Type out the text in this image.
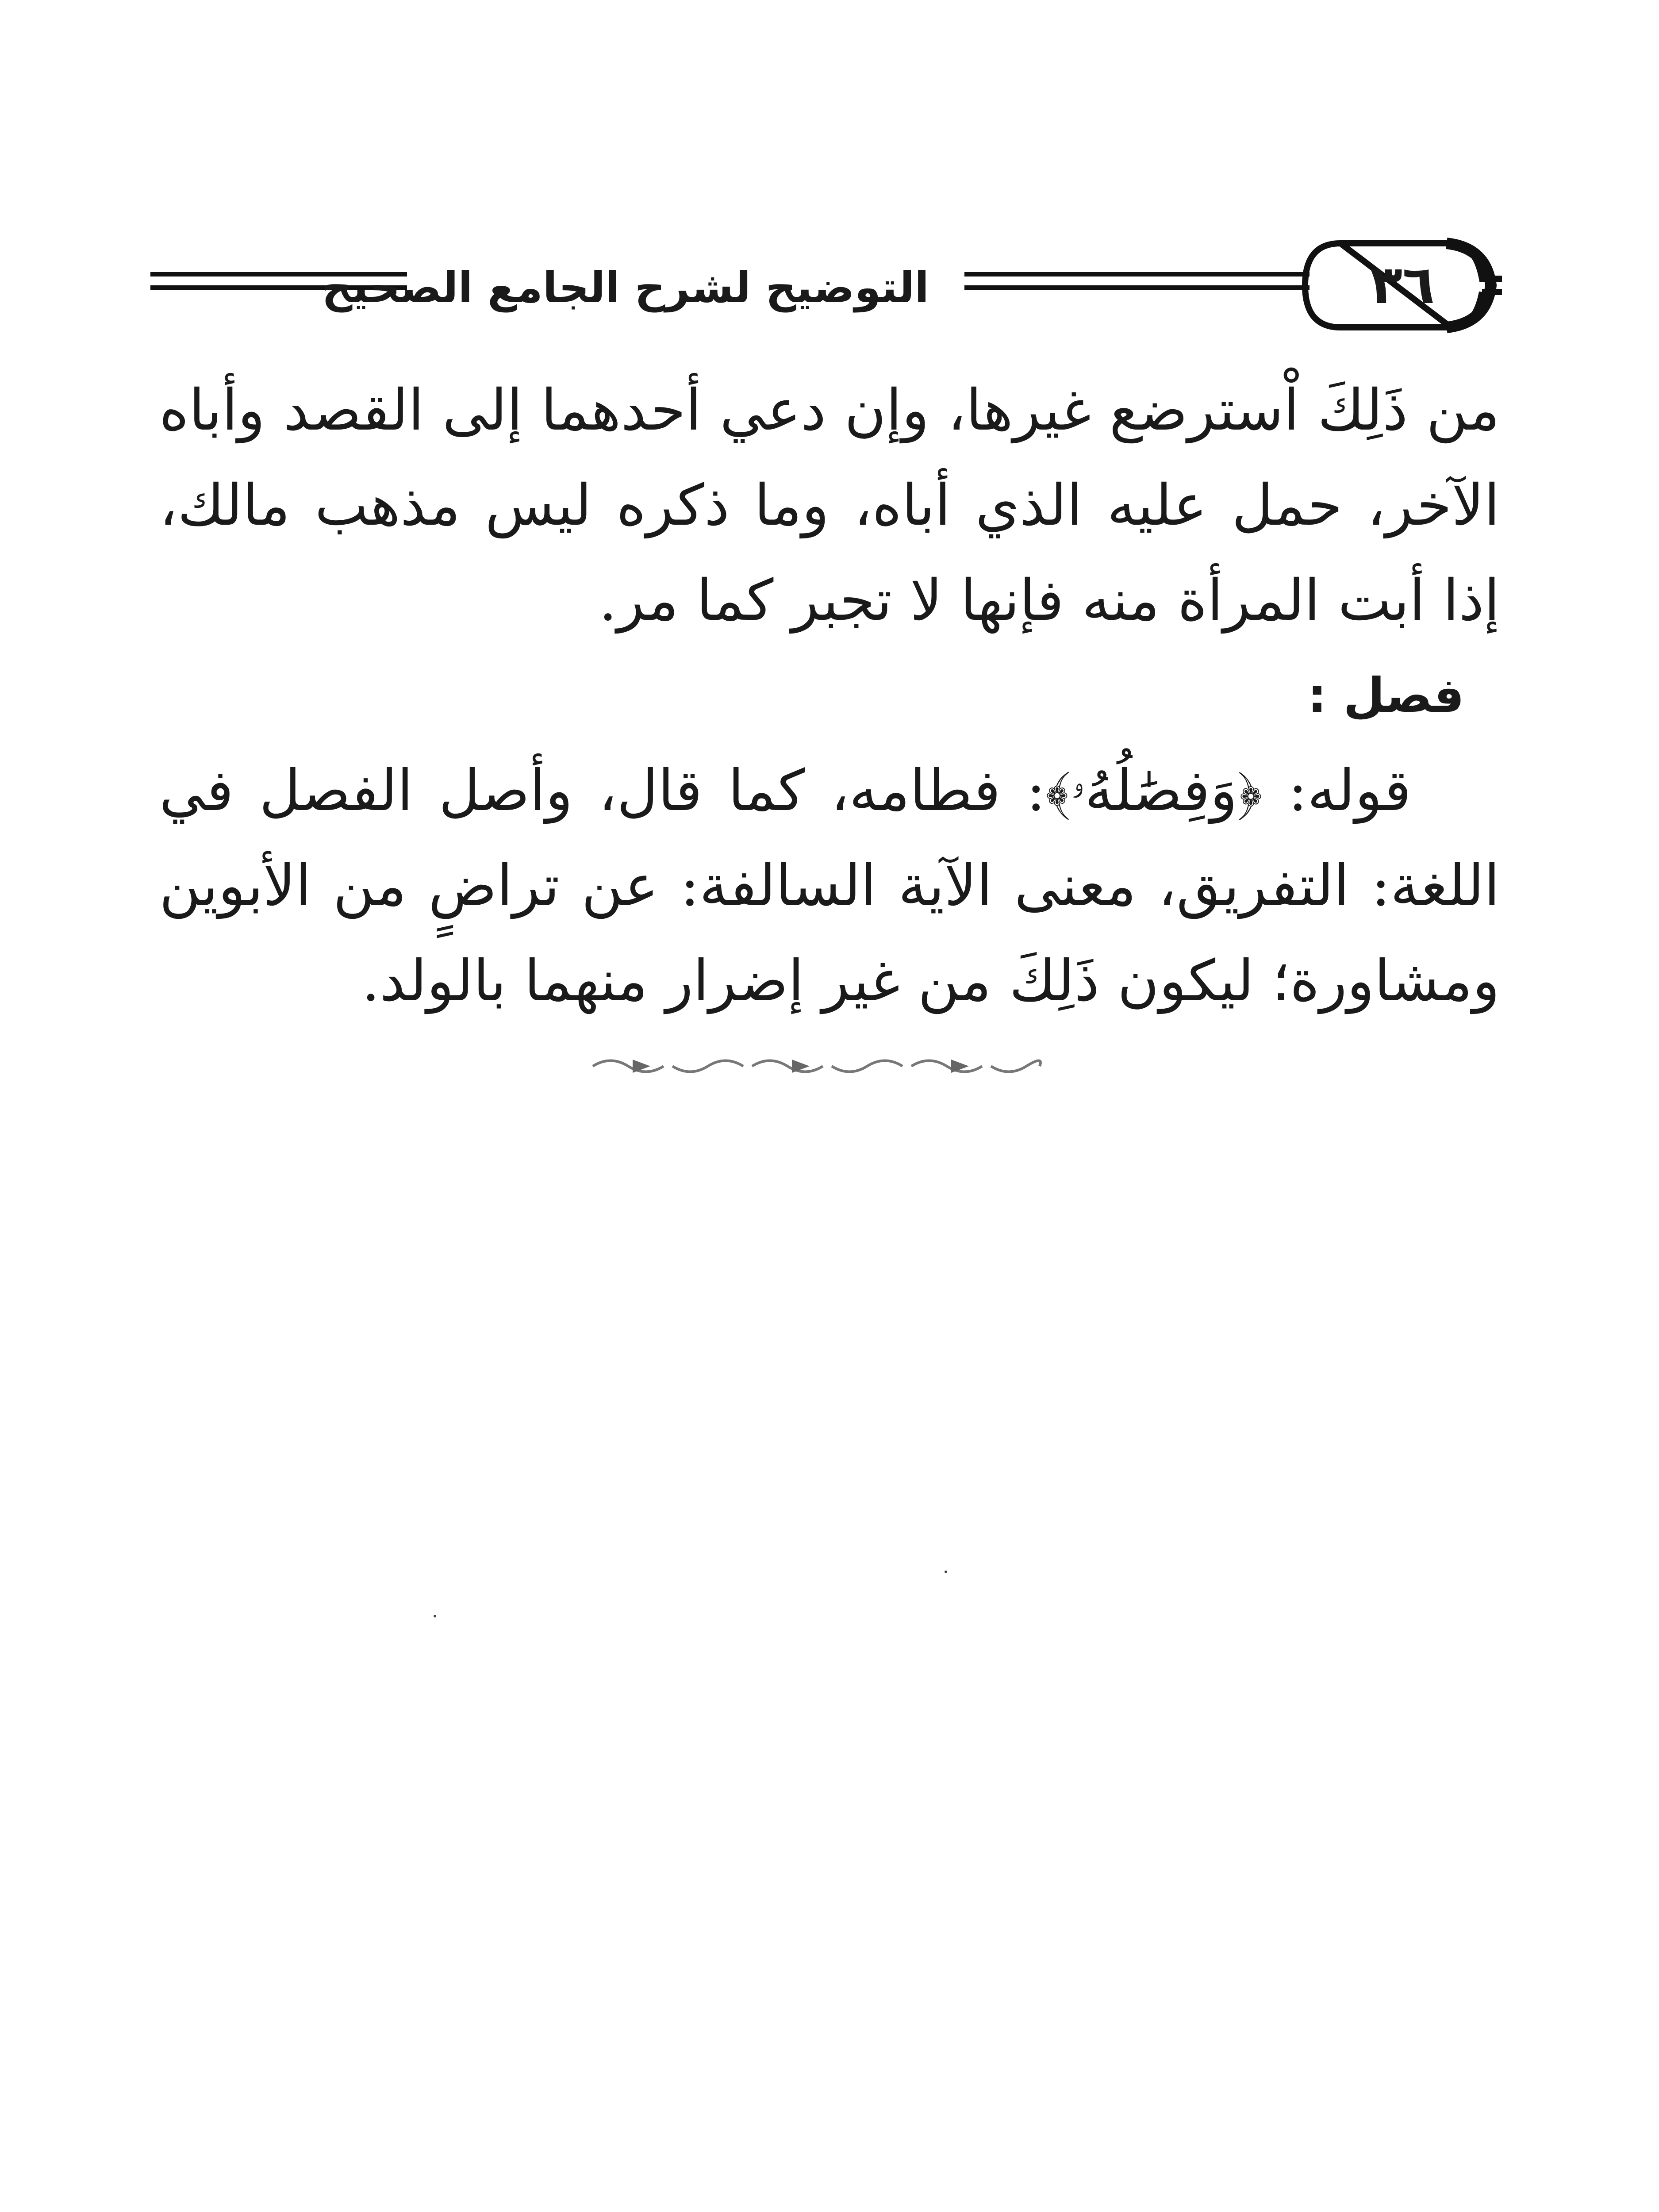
التوضيح لشرح الجامع الصحيح	٣٦

من ذَلِكَ اْسترضع غيرها، وإن دعي أحدهما إلى القصد وأباه الآخر، حمل عليه الذي أباه، وما ذكره ليس مذهب مالك، إذا أبت المرأة منه فإنها لا تجبر كما مر.

فصل :

قوله: ﴿وَفِصَٰلُهُۥ﴾: فطامه، كما قال، وأصل الفصل في اللغة: التفريق، معنى الآية السالفة: عن تراضٍ من الأبوين ومشاورة؛ ليكون ذَلِكَ من غير إضرار منهما بالولد.
